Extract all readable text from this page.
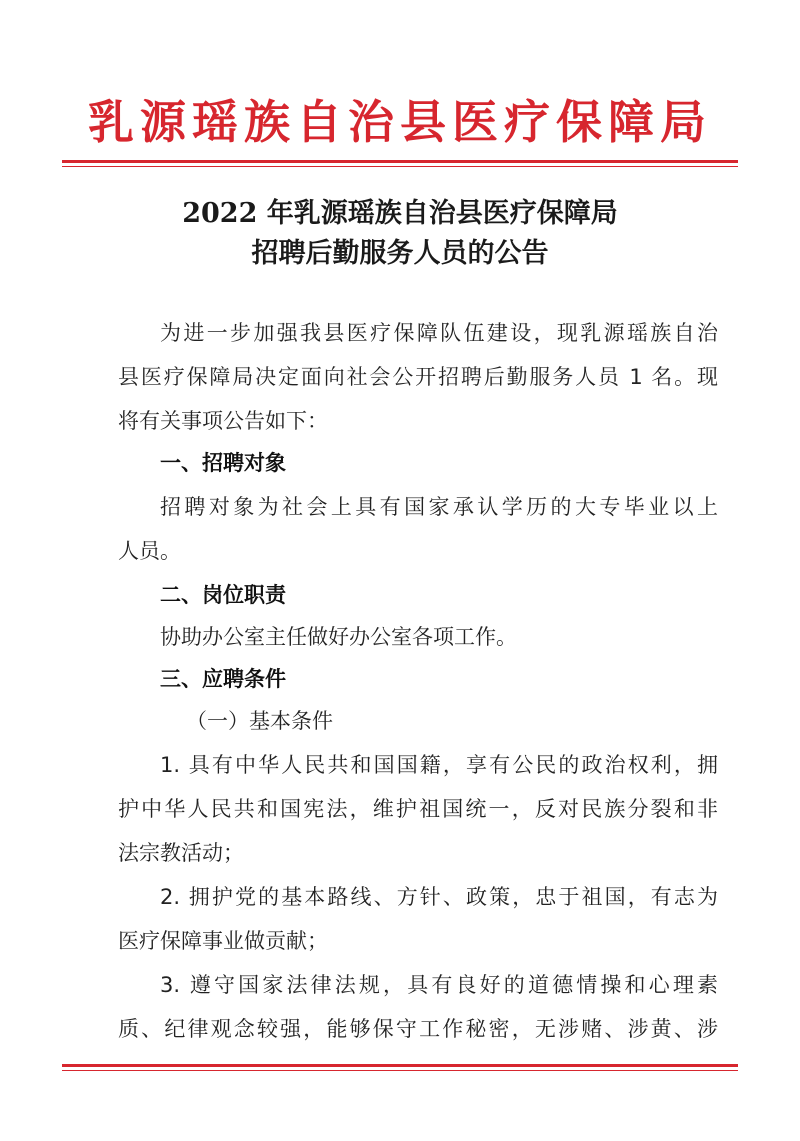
乳源瑶族自治县医疗保障局
2022 年乳源瑶族自治县医疗保障局
招聘后勤服务人员的公告
为进一步加强我县医疗保障队伍建设，现乳源瑶族自治
县医疗保障局决定面向社会公开招聘后勤服务人员 1 名。现
将有关事项公告如下：
一、招聘对象
招聘对象为社会上具有国家承认学历的大专毕业以上
人员。
二、岗位职责
协助办公室主任做好办公室各项工作。
三、应聘条件
（一）基本条件
1. 具有中华人民共和国国籍，享有公民的政治权利，拥
护中华人民共和国宪法，维护祖国统一，反对民族分裂和非
法宗教活动；
2. 拥护党的基本路线、方针、政策，忠于祖国，有志为
医疗保障事业做贡献；
3. 遵守国家法律法规，具有良好的道德情操和心理素
质、纪律观念较强，能够保守工作秘密，无涉赌、涉黄、涉
